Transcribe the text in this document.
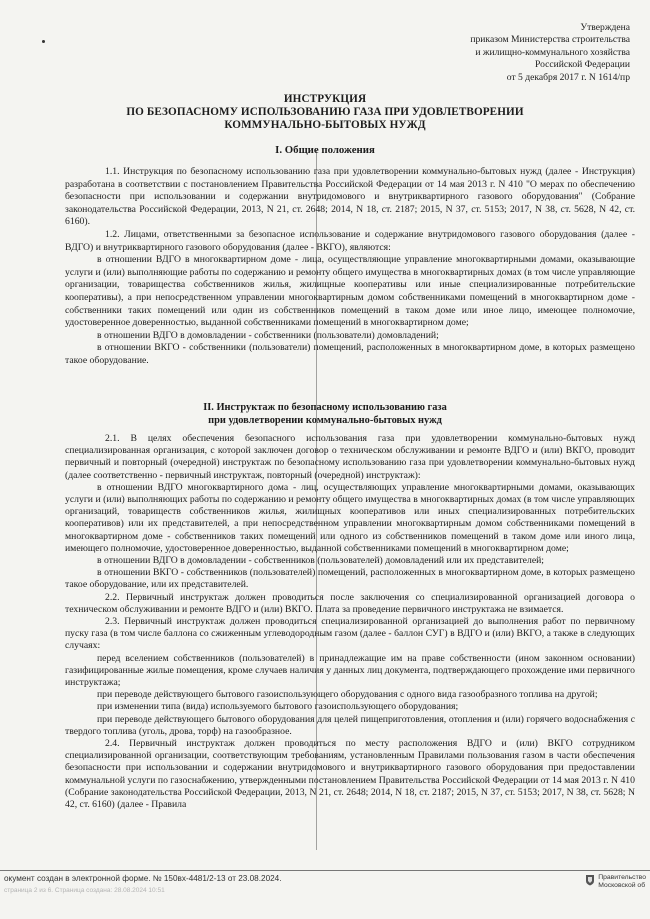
Утверждена
приказом Министерства строительства
и жилищно-коммунального хозяйства
Российской Федерации
от 5 декабря 2017 г. N 1614/пр
ИНСТРУКЦИЯ
ПО БЕЗОПАСНОМУ ИСПОЛЬЗОВАНИЮ ГАЗА ПРИ УДОВЛЕТВОРЕНИИ
КОММУНАЛЬНО-БЫТОВЫХ НУЖД
I. Общие положения

1.1. Инструкция по безопасному использованию газа при удовлетворении коммунально-бытовых нужд (далее - Инструкция) разработана в соответствии с постановлением Правительства Российской Федерации от 14 мая 2013 г. N 410 "О мерах по обеспечению безопасности при использовании и содержании внутридомового и внутриквартирного газового оборудования" (Собрание законодательства Российской Федерации, 2013, N 21, ст. 2648; 2014, N 18, ст. 2187; 2015, N 37, ст. 5153; 2017, N 38, ст. 5628, N 42, ст. 6160).

1.2. Лицами, ответственными за безопасное использование и содержание внутридомового газового оборудования (далее - ВДГО) и внутриквартирного газового оборудования (далее - ВКГО), являются:

в отношении ВДГО в многоквартирном доме - лица, осуществляющие управление многоквартирными домами, оказывающие услуги и (или) выполняющие работы по содержанию и ремонту общего имущества в многоквартирных домах (в том числе управляющие организации, товарищества собственников жилья, жилищные кооперативы или иные специализированные потребительские кооперативы), а при непосредственном управлении многоквартирным домом собственниками помещений в многоквартирном доме - собственники таких помещений или один из собственников помещений в таком доме или иное лицо, имеющее полномочие, удостоверенное доверенностью, выданной собственниками помещений в многоквартирном доме;

в отношении ВДГО в домовладении - собственники (пользователи) домовладений;

в отношении ВКГО - собственники (пользователи) помещений, расположенных в многоквартирном доме, в которых размещено такое оборудование.

II. Инструктаж по безопасному использованию газа
при удовлетворении коммунально-бытовых нужд

2.1. В целях обеспечения безопасного использования газа при удовлетворении коммунально-бытовых нужд специализированная организация, с которой заключен договор о техническом обслуживании и ремонте ВДГО и (или) ВКГО, проводит первичный и повторный (очередной) инструктаж по безопасному использованию газа при удовлетворении коммунально-бытовых нужд (далее соответственно - первичный инструктаж, повторный (очередной) инструктаж):

в отношении ВДГО многоквартирного дома - лиц, осуществляющих управление многоквартирными домами, оказывающих услуги и (или) выполняющих работы по содержанию и ремонту общего имущества в многоквартирных домах (в том числе управляющих организаций, товариществ собственников жилья, жилищных кооперативов или иных специализированных потребительских кооперативов) или их представителей, а при непосредственном управлении многоквартирным домом собственниками помещений в многоквартирном доме - собственников таких помещений или одного из собственников помещений в таком доме или иного лица, имеющего полномочие, удостоверенное доверенностью, выданной собственниками помещений в многоквартирном доме;

в отношении ВДГО в домовладении - собственников (пользователей) домовладений или их представителей;

в отношении ВКГО - собственников (пользователей) помещений, расположенных в многоквартирном доме, в которых размещено такое оборудование, или их представителей.

2.2. Первичный инструктаж должен проводиться после заключения со специализированной организацией договора о техническом обслуживании и ремонте ВДГО и (или) ВКГО. Плата за проведение первичного инструктажа не взимается.

2.3. Первичный инструктаж должен проводиться специализированной организацией до выполнения работ по первичному пуску газа (в том числе баллона со сжиженным углеводородным газом (далее - баллон СУГ) в ВДГО и (или) ВКГО, а также в следующих случаях:

перед вселением собственников (пользователей) в принадлежащие им на праве собственности (ином законном основании) газифицированные жилые помещения, кроме случаев наличия у данных лиц документа, подтверждающего прохождение ими первичного инструктажа;

при переводе действующего бытового газоиспользующего оборудования с одного вида газообразного топлива на другой;

при изменении типа (вида) используемого бытового газоиспользующего оборудования;

при переводе действующего бытового оборудования для целей пищеприготовления, отопления и (или) горячего водоснабжения с твердого топлива (уголь, дрова, торф) на газообразное.

2.4. Первичный инструктаж должен проводиться по месту расположения ВДГО и (или) ВКГО сотрудником специализированной организации, соответствующим требованиям, установленным Правилами пользования газом в части обеспечения безопасности при использовании и содержании внутридомового и внутриквартирного газового оборудования при предоставлении коммунальной услуги по газоснабжению, утвержденными постановлением Правительства Российской Федерации от 14 мая 2013 г. N 410 (Собрание законодательства Российской Федерации, 2013, N 21, ст. 2648; 2014, N 18, ст. 2187; 2015, N 37, ст. 5153; 2017, N 38, ст. 5628; N 42, ст. 6160) (далее - Правила

окумент создан в электронной форме. № 150вх-4481/2-13 от 23.08.2024.
страница 2 из 6. Страница создана: 28.08.2024 10:51
Правительство
Московской об
